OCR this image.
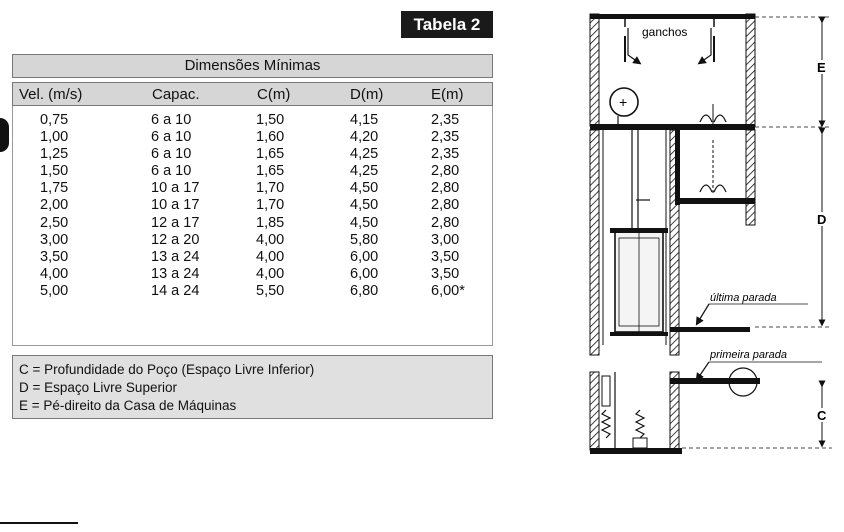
Tabela 2
Dimensões Mínimas
Vel. (m/s)	Capac.	C(m)	D(m)	E(m)
0,75	6 a 10	1,50	4,15	2,35
1,00	6 a 10	1,60	4,20	2,35
1,25	6 a 10	1,65	4,25	2,35
1,50	6 a 10	1,65	4,25	2,80
1,75	10 a 17	1,70	4,50	2,80
2,00	10 a 17	1,70	4,50	2,80
2,50	12 a 17	1,85	4,50	2,80
3,00	12 a 20	4,00	5,80	3,00
3,50	13 a 24	4,00	6,00	3,50
4,00	13 a 24	4,00	6,00	3,50
5,00	14 a 24	5,50	6,80	6,00*
C = Profundidade do Poço (Espaço Livre Inferior)
D = Espaço Livre Superior
E = Pé-direito da Casa de Máquinas
ganchos
+
última parada
primeira parada
E
D
C
